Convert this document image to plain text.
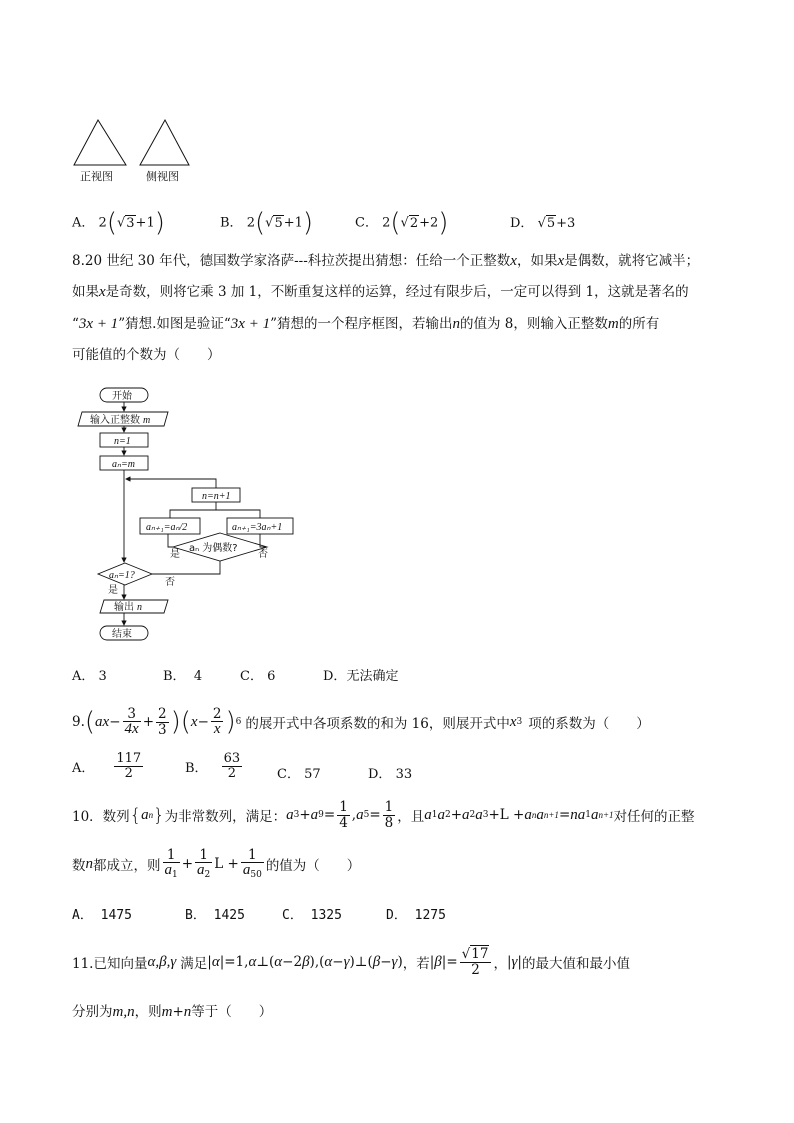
正视图	侧视图
A． 2(√3+1)	B． 2(√5+1)	C． 2(√2+2)	D． √5+3
8.20 世纪 30 年代，德国数学家洛萨---科拉茨提出猜想：任给一个正整数x，如果x是偶数，就将它减半；
如果x是奇数，则将它乘 3 加 1，不断重复这样的运算，经过有限步后，一定可以得到 1，这就是著名的
“3x + 1”猜想.如图是验证“3x + 1”猜想的一个程序框图，若输出n的值为 8，则输入正整数m的所有
可能值的个数为（　　）
开始
输入正整数 m
n=1
aₙ=m
n=n+1
aₙ₊₁=aₙ/2	aₙ₊₁=3aₙ+1
aₙ 为偶数?
是	否
aₙ=1?
是
否
输出 n
结束
A． 3	B． 4	C． 6	D．无法确定
9. ( ax − $\frac{3}{4x} + \frac{2}{3}$ )( $x - \frac{2}{x}$ ) 6 的展开式中各项系数的和为 16，则展开式中 x 3 项的系数为（　　）
A． $\frac{117}{2}$	B． $\frac{63}{2}$	C． 57	D． 33
10．数列 { a n } 为非常数列，满足： a 3 + a $9 = \frac{1}{4}$ , a $5 = \frac{1}{8}$ ，且 a 1 a 2 + a 2 a 3 +L + a n a n+1 = na 1 a n+1 对任何的正整
数 n 都成立，则 $\frac{1}{a_1} + \frac{1}{a_2}$ $L + \frac{1}{a_{50}}$ 的值为（　　）
A． 1475	B． 1425	C． 1325	D． 1275
11.已知向量 α,β,γ 满足 | α |=1, α ⊥( α −2 β ),( α − γ )⊥( β − γ ) ，若 | β |= $\frac{√17}{2}$ ， | γ | 的最大值和最小值
分别为m,n，则m+n等于（　　）
